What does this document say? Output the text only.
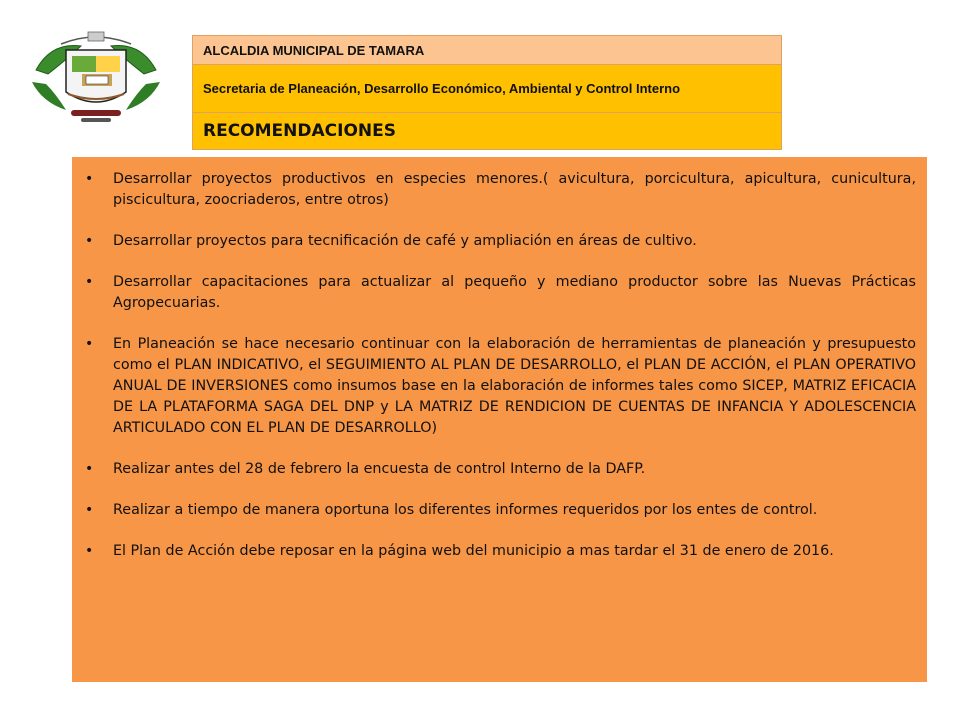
ALCALDIA MUNICIPAL DE TAMARA
Secretaria de Planeación, Desarrollo Económico, Ambiental y Control Interno
RECOMENDACIONES
• Desarrollar proyectos productivos en especies menores.( avicultura, porcicultura, apicultura, cunicultura, piscicultura, zoocriaderos, entre otros)
• Desarrollar proyectos para tecnificación de café y ampliación en áreas de cultivo.
• Desarrollar capacitaciones para actualizar al pequeño y mediano productor sobre las Nuevas Prácticas Agropecuarias.
• En Planeación se hace necesario continuar con la elaboración de herramientas de planeación y presupuesto como el PLAN INDICATIVO, el SEGUIMIENTO AL PLAN DE DESARROLLO, el PLAN DE ACCIÓN, el PLAN OPERATIVO ANUAL DE INVERSIONES como insumos base en la elaboración de informes tales como SICEP, MATRIZ EFICACIA DE LA PLATAFORMA SAGA DEL DNP y LA MATRIZ DE RENDICION DE CUENTAS DE INFANCIA Y ADOLESCENCIA ARTICULADO CON EL PLAN DE DESARROLLO)
• Realizar antes del 28 de febrero la encuesta de control Interno de la DAFP.
• Realizar a tiempo de manera oportuna los diferentes informes requeridos por los entes de control.
• El Plan de Acción debe reposar en la página web del municipio a mas tardar el 31 de enero de 2016.
